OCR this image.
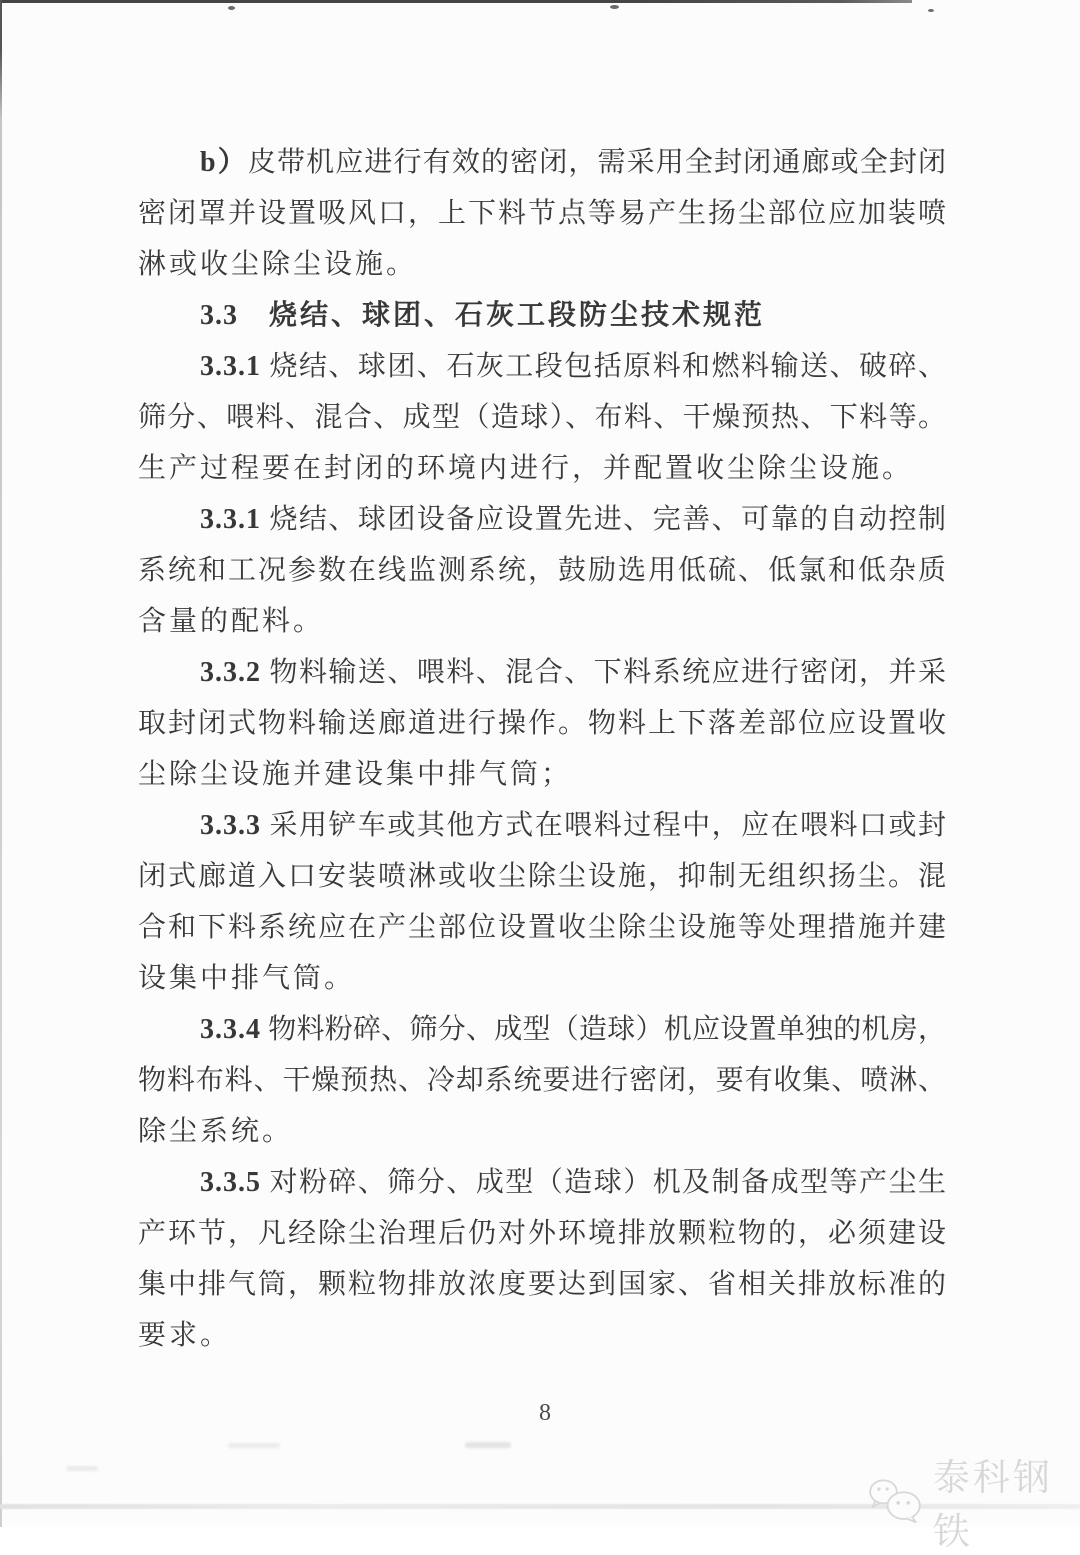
b）皮带机应进行有效的密闭，需采用全封闭通廊或全封闭
密闭罩并设置吸风口，上下料节点等易产生扬尘部位应加装喷
淋或收尘除尘设施。
3.3　烧结、球团、石灰工段防尘技术规范
3.3.1 烧结、球团、石灰工段包括原料和燃料输送、破碎、
筛分、喂料、混合、成型（造球）、布料、干燥预热、下料等。
生产过程要在封闭的环境内进行，并配置收尘除尘设施。
3.3.1 烧结、球团设备应设置先进、完善、可靠的自动控制
系统和工况参数在线监测系统，鼓励选用低硫、低氯和低杂质
含量的配料。
3.3.2 物料输送、喂料、混合、下料系统应进行密闭，并采
取封闭式物料输送廊道进行操作。物料上下落差部位应设置收
尘除尘设施并建设集中排气筒；
3.3.3 采用铲车或其他方式在喂料过程中，应在喂料口或封
闭式廊道入口安装喷淋或收尘除尘设施，抑制无组织扬尘。混
合和下料系统应在产尘部位设置收尘除尘设施等处理措施并建
设集中排气筒。
3.3.4 物料粉碎、筛分、成型（造球）机应设置单独的机房，
物料布料、干燥预热、冷却系统要进行密闭，要有收集、喷淋、
除尘系统。
3.3.5 对粉碎、筛分、成型（造球）机及制备成型等产尘生
产环节，凡经除尘治理后仍对外环境排放颗粒物的，必须建设
集中排气筒，颗粒物排放浓度要达到国家、省相关排放标准的
要求。
8
泰科钢铁
